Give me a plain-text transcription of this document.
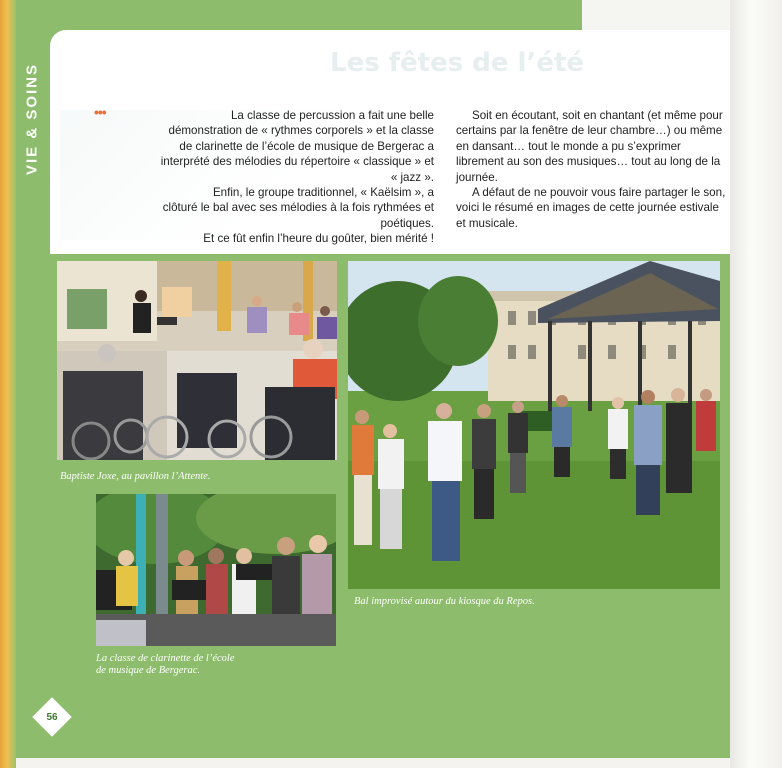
VIE & SOINS	Les fêtes de l’été
•••	La classe de percussion a fait une belle démonstration de « rythmes corporels » et la classe de clarinette de l’école de musique de Bergerac a interprété des mélodies du répertoire « classique » et « jazz ».

Enfin, le groupe traditionnel, « Kaëlsim », a clôturé le bal avec ses mélodies à la fois rythmées et poétiques.

Et ce fût enfin l’heure du goûter, bien mérité !

Soit en écoutant, soit en chantant (et même pour certains par la fenêtre de leur chambre…) ou même en dansant… tout le monde a pu s’exprimer librement au son des musiques… tout au long de la journée.

A défaut de ne pouvoir vous faire partager le son, voici le résumé en images de cette journée estivale et musicale.

Baptiste Joxe, au pavillon l’Attente.
Bal improvisé autour du kiosque du Repos.
La classe de clarinette de l’école
de musique de Bergerac.
56
